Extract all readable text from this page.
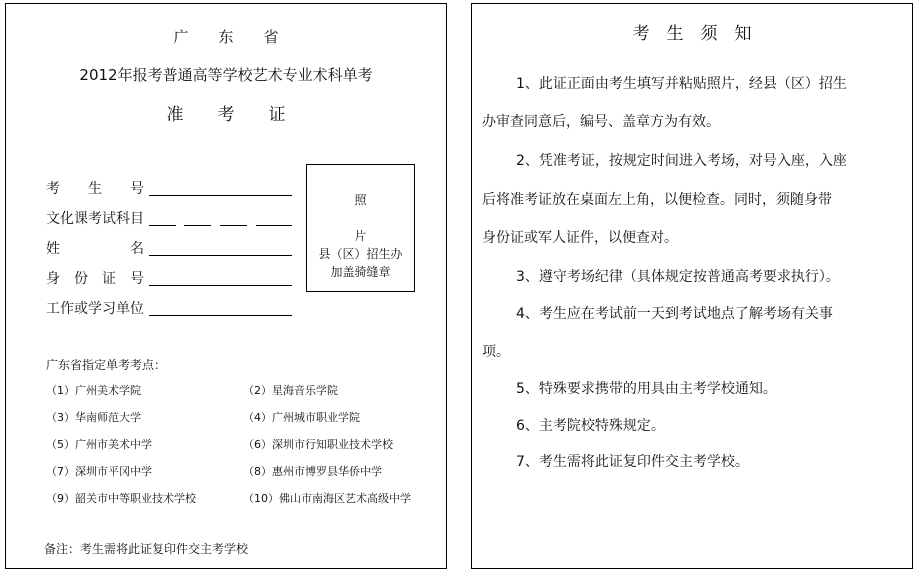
广　　东　　省
2012年报考普通高等学校艺术专业术科单考
准　　考　　证
考　　生　　号
文化课考试科目
姓　　　　　名
身　份　证　号
工作或学习单位
照
片
县（区）招生办
加盖骑缝章
广东省指定单考考点：
（1）广州美术学院	（2）星海音乐学院
（3）华南师范大学	（4）广州城市职业学院
（5）广州市美术中学	（6）深圳市行知职业技术学校
（7）深圳市平冈中学	（8）惠州市博罗县华侨中学
（9）韶关市中等职业技术学校	（10）佛山市南海区艺术高级中学
备注：考生需将此证复印件交主考学校
考　生　须　知
1、此证正面由考生填写并粘贴照片，经县（区）招生
办审查同意后，编号、盖章方为有效。
2、凭准考证，按规定时间进入考场，对号入座，入座
后将准考证放在桌面左上角，以便检查。同时，须随身带
身份证或军人证件，以便查对。
3、遵守考场纪律（具体规定按普通高考要求执行）。
4、考生应在考试前一天到考试地点了解考场有关事
项。
5、特殊要求携带的用具由主考学校通知。
6、主考院校特殊规定。
7、考生需将此证复印件交主考学校。
